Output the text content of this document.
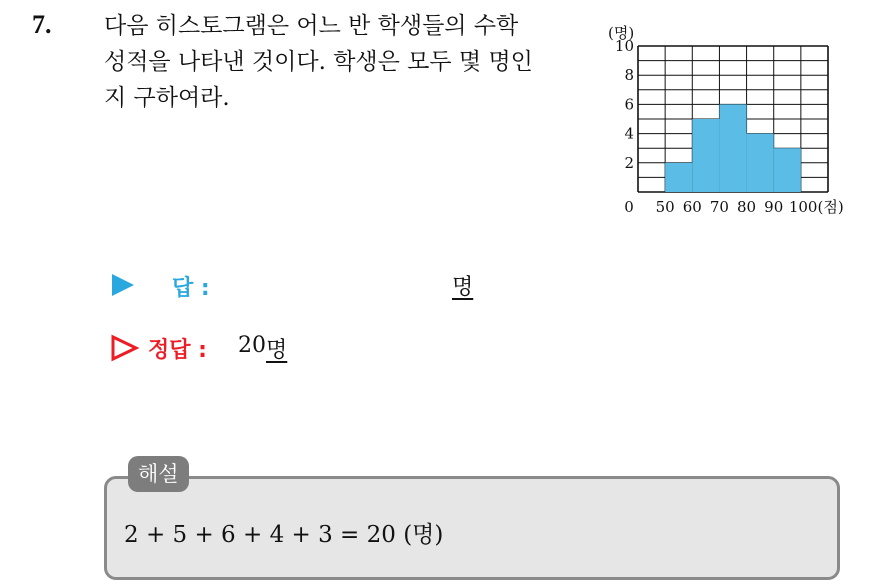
7. 다음 히스토그램은 어느 반 학생들의 수학
성적을 나타낸 것이다. 학생은 모두 몇 명인
지 구하여라.
2
4
6
8
10
(명)
0 50 60 70 80 90 100(점)
답 :	명
정답 : 20 명
해설
2 + 5 + 6 + 4 + 3 = 20 (명)
